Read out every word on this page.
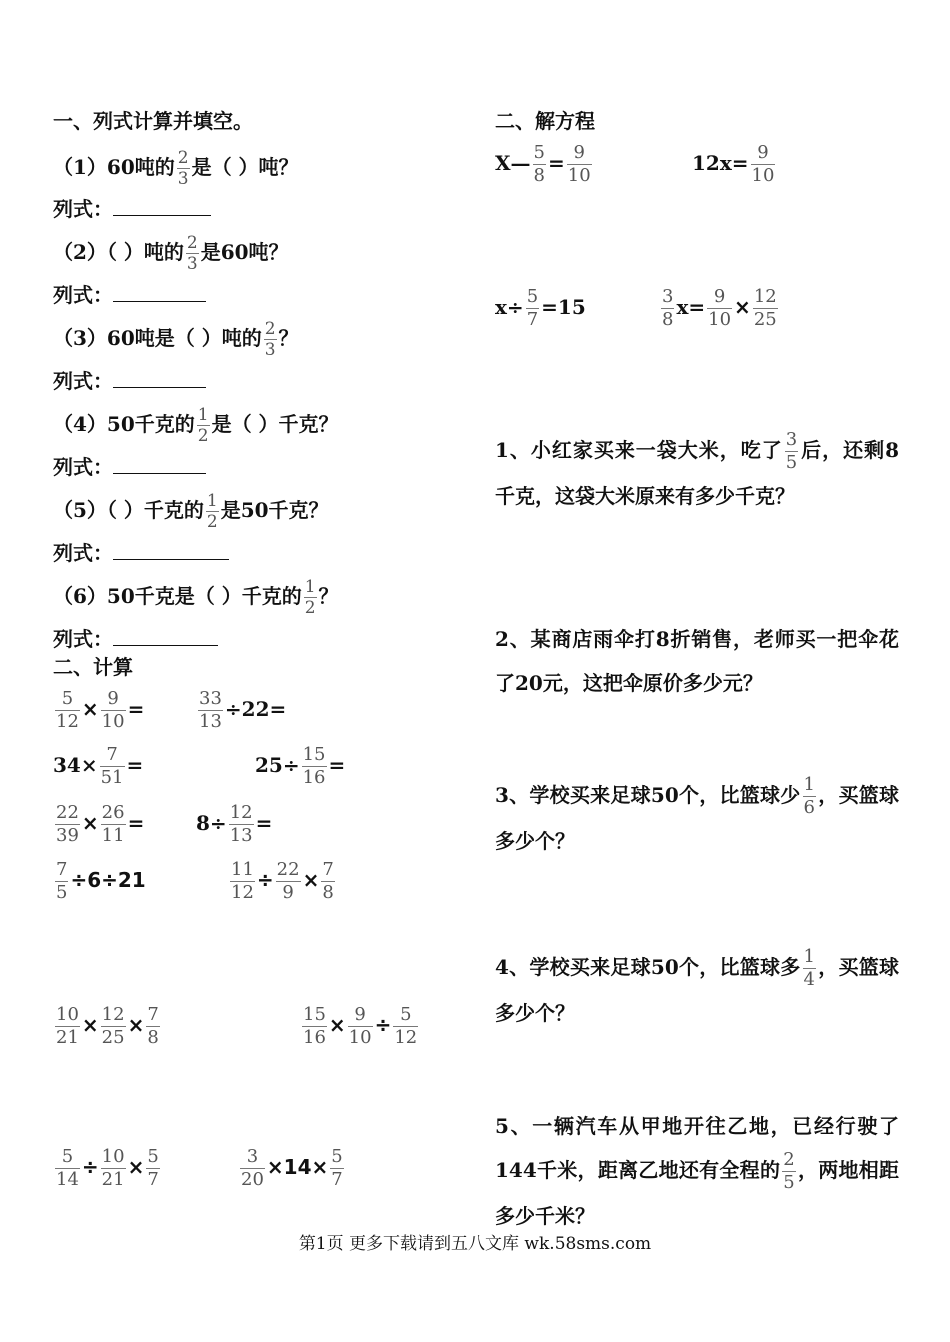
一、列式计算并填空。
（1）60吨的 $\frac{2}{3}$ 是（ ）吨？
列式：
（2）（ ）吨的 $\frac{2}{3}$ 是60吨？
列式：
（3）60吨是（ ）吨的 $\frac{2}{3}$ ？
列式：
（4）50千克的 $\frac{1}{2}$ 是（ ）千克？
列式：
（5）（ ）千克的 $\frac{1}{2}$ 是50千克？
列式：
（6）50千克是（ ）千克的 $\frac{1}{2}$ ？
列式：
二、计算
$\frac{5}{12} \times \frac{9}{10}$ =	$\frac{33}{13} \div 22=$
$34\times \frac{7}{51}$ =	$25\div \frac{15}{16}$ =
$\frac{22}{39} \times \frac{26}{11}$ =	$8\div \frac{12}{13}$ =
$\frac{7}{5} \div 6\div 21$	$\frac{11}{12} \div \frac{22}{9} \times \frac{7}{8}$
$\frac{10}{21} \times \frac{12}{25} \times \frac{7}{8}$	$\frac{15}{16} \times \frac{9}{10} \div \frac{5}{12}$
$\frac{5}{14} \div \frac{10}{21} \times \frac{5}{7}$	$\frac{3}{20} \times 14\times \frac{5}{7}$
二、解方程
X— $\frac{5}{8} = \frac{9}{10}$	$12x= \frac{9}{10}$
$x\div \frac{5}{7} =15$	$\frac{3}{8} x= \frac{9}{10} \times \frac{12}{25}$
1、小红家买来一袋大米，吃了 $\frac{3}{5}$ 后，还剩8千克，这袋大米原来有多少千克？
2、某商店雨伞打8折销售，老师买一把伞花了20元，这把伞原价多少元？
3、学校买来足球50个，比篮球少 $\frac{1}{6}$ ，买篮球多少个？
4、学校买来足球50个，比篮球多 $\frac{1}{4}$ ，买篮球多少个？
5、一辆汽车从甲地开往乙地，已经行驶了144千米，距离乙地还有全程的 $\frac{2}{5}$ ，两地相距多少千米？
第1页 更多下载请到五八文库 wk.58sms.com
